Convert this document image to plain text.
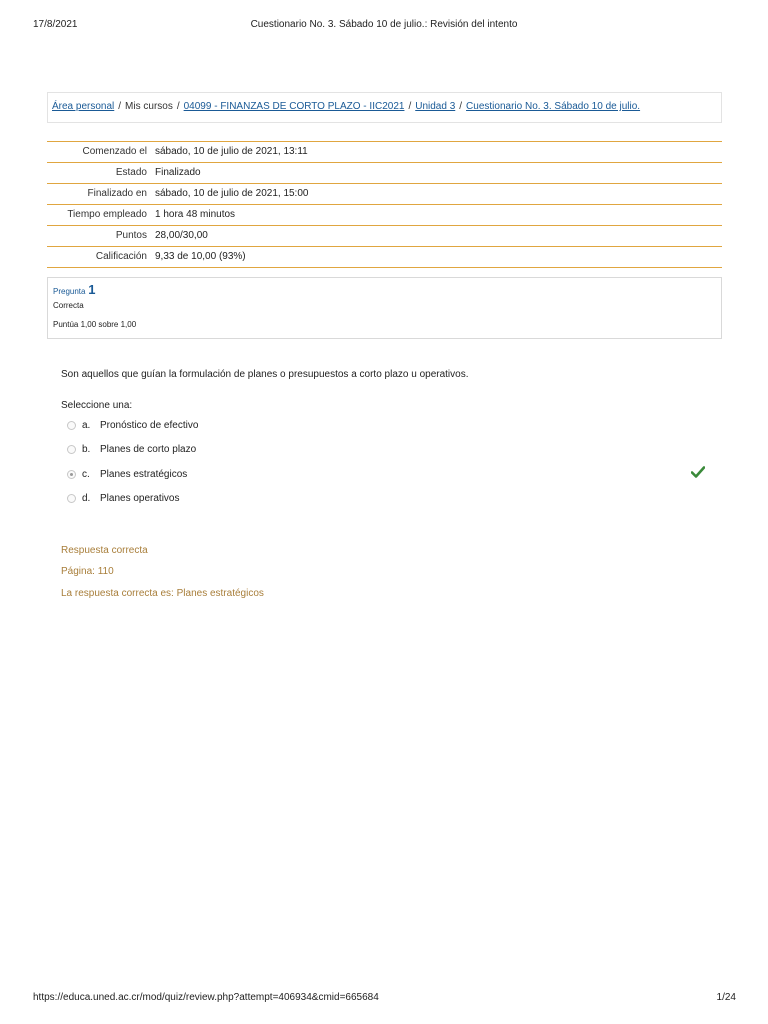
17/8/2021	Cuestionario No. 3. Sábado 10 de julio.: Revisión del intento
Área personal / Mis cursos / 04099 - FINANZAS DE CORTO PLAZO - IIC2021 / Unidad 3 / Cuestionario No. 3. Sábado 10 de julio.
Comenzado el	sábado, 10 de julio de 2021, 13:11
Estado	Finalizado
Finalizado en	sábado, 10 de julio de 2021, 15:00
Tiempo empleado	1 hora 48 minutos
Puntos	28,00/30,00
Calificación	9,33 de 10,00 (93%)
Pregunta 1
Correcta
Puntúa 1,00 sobre 1,00
Son aquellos que guían la formulación de planes o presupuestos a corto plazo u operativos.
Seleccione una:
a. Pronóstico de efectivo
b. Planes de corto plazo
c.	Planes estratégicos
d. Planes operativos
Respuesta correcta
Página: 110
La respuesta correcta es: Planes estratégicos
https://educa.uned.ac.cr/mod/quiz/review.php?attempt=406934&cmid=665684	1/24
